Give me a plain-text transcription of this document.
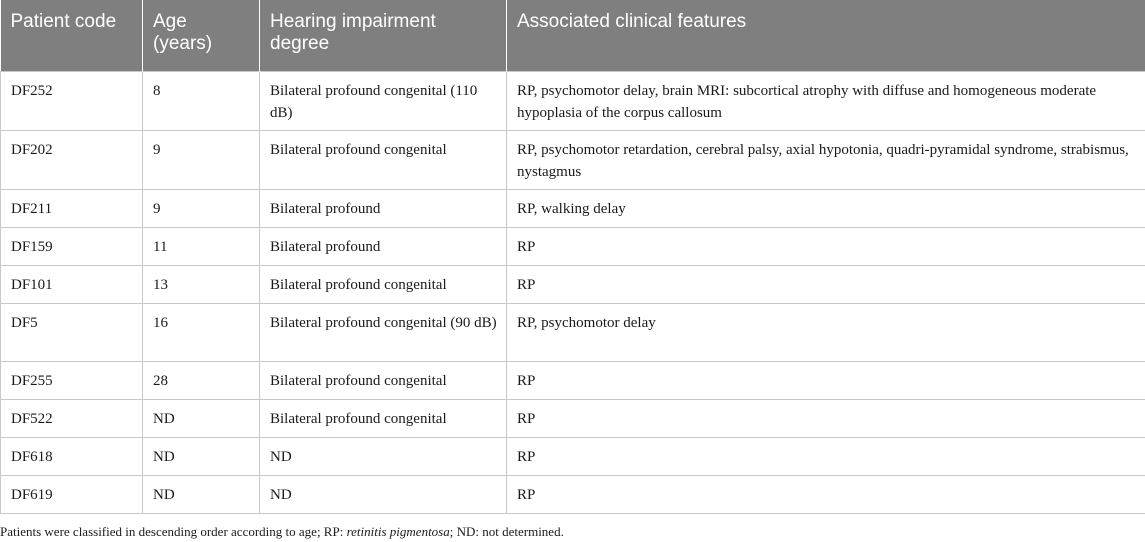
Patient code	Age (years)	Hearing impairment degree	Associated clinical features
DF252	8	Bilateral profound congenital (110 dB)	RP, psychomotor delay, brain MRI: subcortical atrophy with diffuse and homogeneous moderate hypoplasia of the corpus callosum
DF202	9	Bilateral profound congenital	RP, psychomotor retardation, cerebral palsy, axial hypotonia, quadri-pyramidal syndrome, strabismus, nystagmus
DF211	9	Bilateral profound	RP, walking delay
DF159	11	Bilateral profound	RP
DF101	13	Bilateral profound congenital	RP
DF5	16	Bilateral profound congenital (90 dB)	RP, psychomotor delay
DF255	28	Bilateral profound congenital	RP
DF522	ND	Bilateral profound congenital	RP
DF618	ND	ND	RP
DF619	ND	ND	RP
Patients were classified in descending order according to age; RP: retinitis pigmentosa; ND: not determined.
